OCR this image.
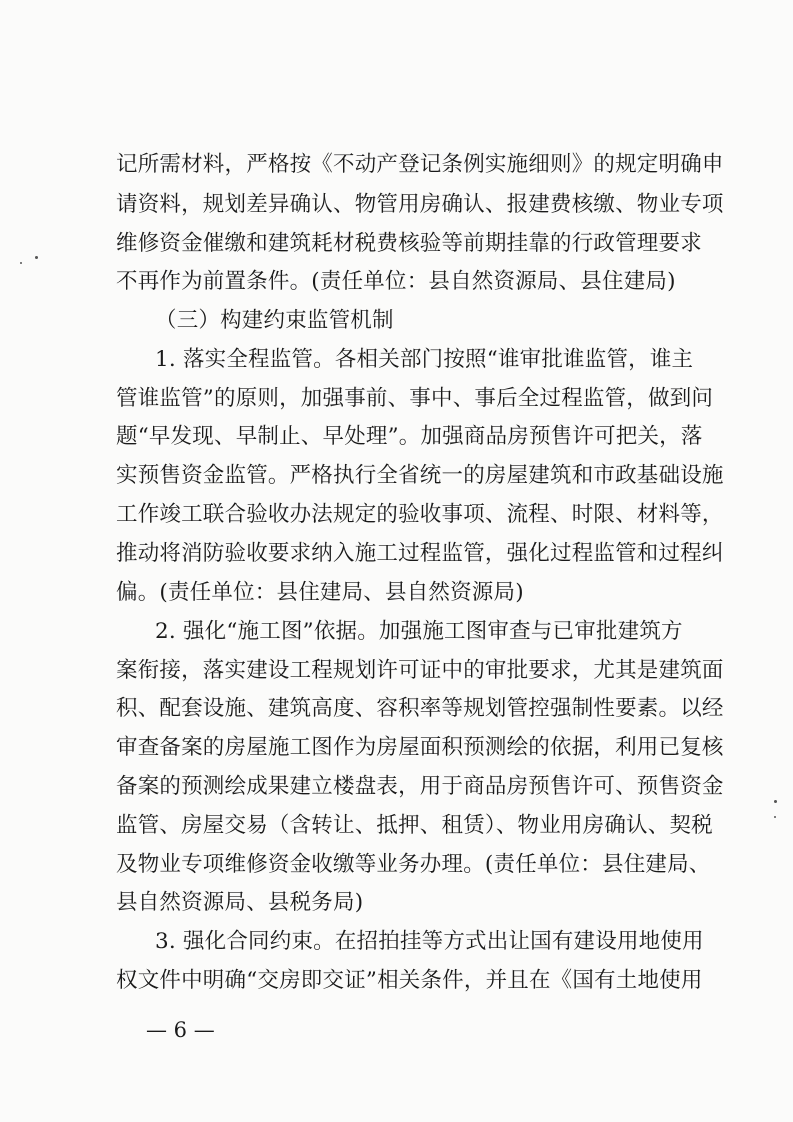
记所需材料，严格按《不动产登记条例实施细则》的规定明确申
请资料，规划差异确认、物管用房确认、报建费核缴、物业专项
维修资金催缴和建筑耗材税费核验等前期挂靠的行政管理要求
不再作为前置条件。(责任单位：县自然资源局、县住建局)
（三）构建约束监管机制
1. 落实全程监管。各相关部门按照“谁审批谁监管，谁主
管谁监管”的原则，加强事前、事中、事后全过程监管，做到问
题“早发现、早制止、早处理”。加强商品房预售许可把关，落
实预售资金监管。严格执行全省统一的房屋建筑和市政基础设施
工作竣工联合验收办法规定的验收事项、流程、时限、材料等，
推动将消防验收要求纳入施工过程监管，强化过程监管和过程纠
偏。(责任单位：县住建局、县自然资源局)
2. 强化“施工图”依据。加强施工图审查与已审批建筑方
案衔接，落实建设工程规划许可证中的审批要求，尤其是建筑面
积、配套设施、建筑高度、容积率等规划管控强制性要素。以经
审查备案的房屋施工图作为房屋面积预测绘的依据，利用已复核
备案的预测绘成果建立楼盘表，用于商品房预售许可、预售资金
监管、房屋交易（含转让、抵押、租赁）、物业用房确认、契税
及物业专项维修资金收缴等业务办理。(责任单位：县住建局、
县自然资源局、县税务局)
3. 强化合同约束。在招拍挂等方式出让国有建设用地使用
权文件中明确“交房即交证”相关条件，并且在《国有土地使用
— 6 —
